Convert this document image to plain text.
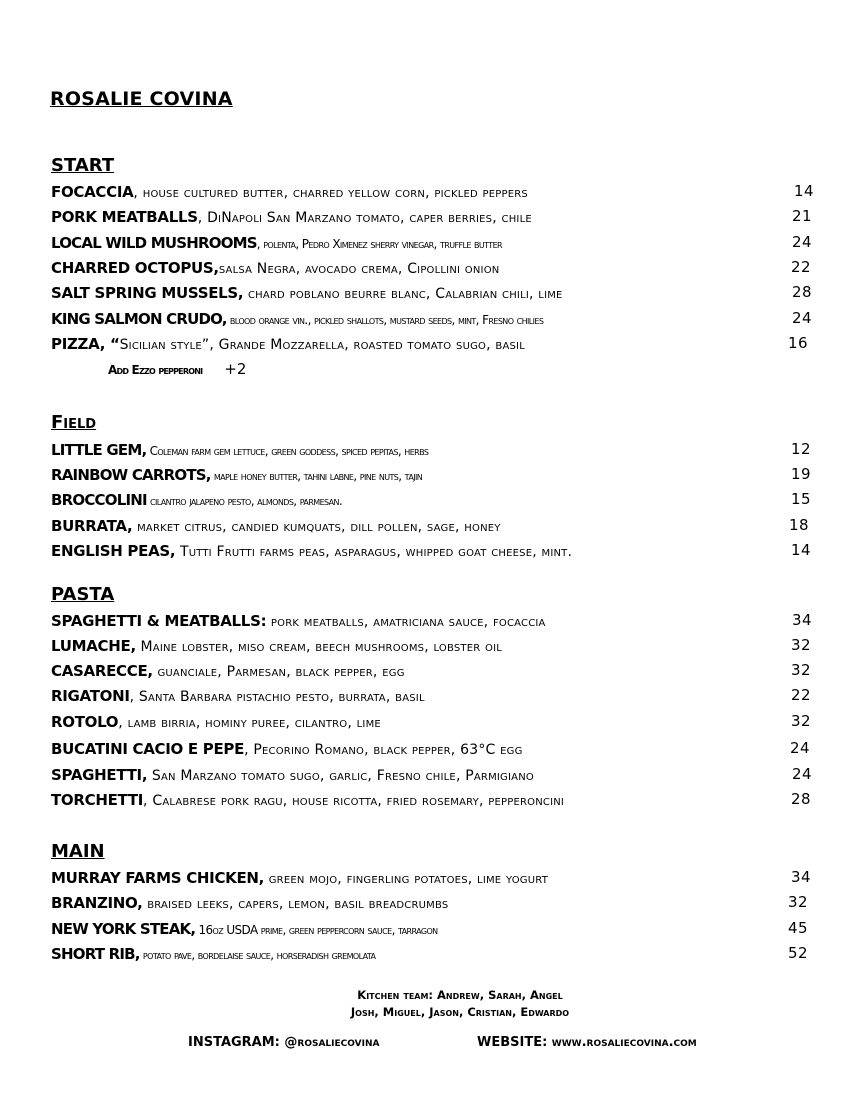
ROSALIE COVINA
START
FOCACCIA, house cultured butter, charred yellow corn, pickled peppers	14
PORK MEATBALLS, DiNapoli San Marzano tomato, caper berries, chile	21
LOCAL WILD MUSHROOMS, polenta, Pedro Ximenez sherry vinegar, truffle butter	24
CHARRED OCTOPUS,salsa Negra, avocado crema, Cipollini onion	22
SALT SPRING MUSSELS, chard poblano beurre blanc, Calabrian chili, lime	28
KING SALMON CRUDO, blood orange vin., pickled shallots, mustard seeds, mint, Fresno chilies	24
PIZZA, “Sicilian style”, Grande Mozzarella, roasted tomato sugo, basil	16
Add Ezzo pepperoni +2
Field
LITTLE GEM, Coleman farm gem lettuce, green goddess, spiced pepitas, herbs	12
RAINBOW CARROTS, maple honey butter, tahini labne, pine nuts, tajin	19
BROCCOLINI cilantro jalapeno pesto, almonds, parmesan.	15
BURRATA, market citrus, candied kumquats, dill pollen, sage, honey	18
ENGLISH PEAS, Tutti Frutti farms peas, asparagus, whipped goat cheese, mint.	14
PASTA
SPAGHETTI & MEATBALLS: pork meatballs, amatriciana sauce, focaccia	34
LUMACHE, Maine lobster, miso cream, beech mushrooms, lobster oil	32
CASARECCE, guanciale, Parmesan, black pepper, egg	32
RIGATONI, Santa Barbara pistachio pesto, burrata, basil	22
ROTOLO, lamb birria, hominy puree, cilantro, lime	32
BUCATINI CACIO E PEPE, Pecorino Romano, black pepper, 63°C egg	24
SPAGHETTI, San Marzano tomato sugo, garlic, Fresno chile, Parmigiano	24
TORCHETTI, Calabrese pork ragu, house ricotta, fried rosemary, pepperoncini	28
MAIN
MURRAY FARMS CHICKEN, green mojo, fingerling potatoes, lime yogurt	34
BRANZINO, braised leeks, capers, lemon, basil breadcrumbs	32
NEW YORK STEAK, 16oz USDA prime, green peppercorn sauce, tarragon	45
SHORT RIB, potato pave, bordelaise sauce, horseradish gremolata	52
Kitchen team: Andrew, Sarah, Angel
Josh, Miguel, Jason, Cristian, Edwardo
INSTAGRAM: @rosaliecovina	WEBSITE: www.rosaliecovina.com
